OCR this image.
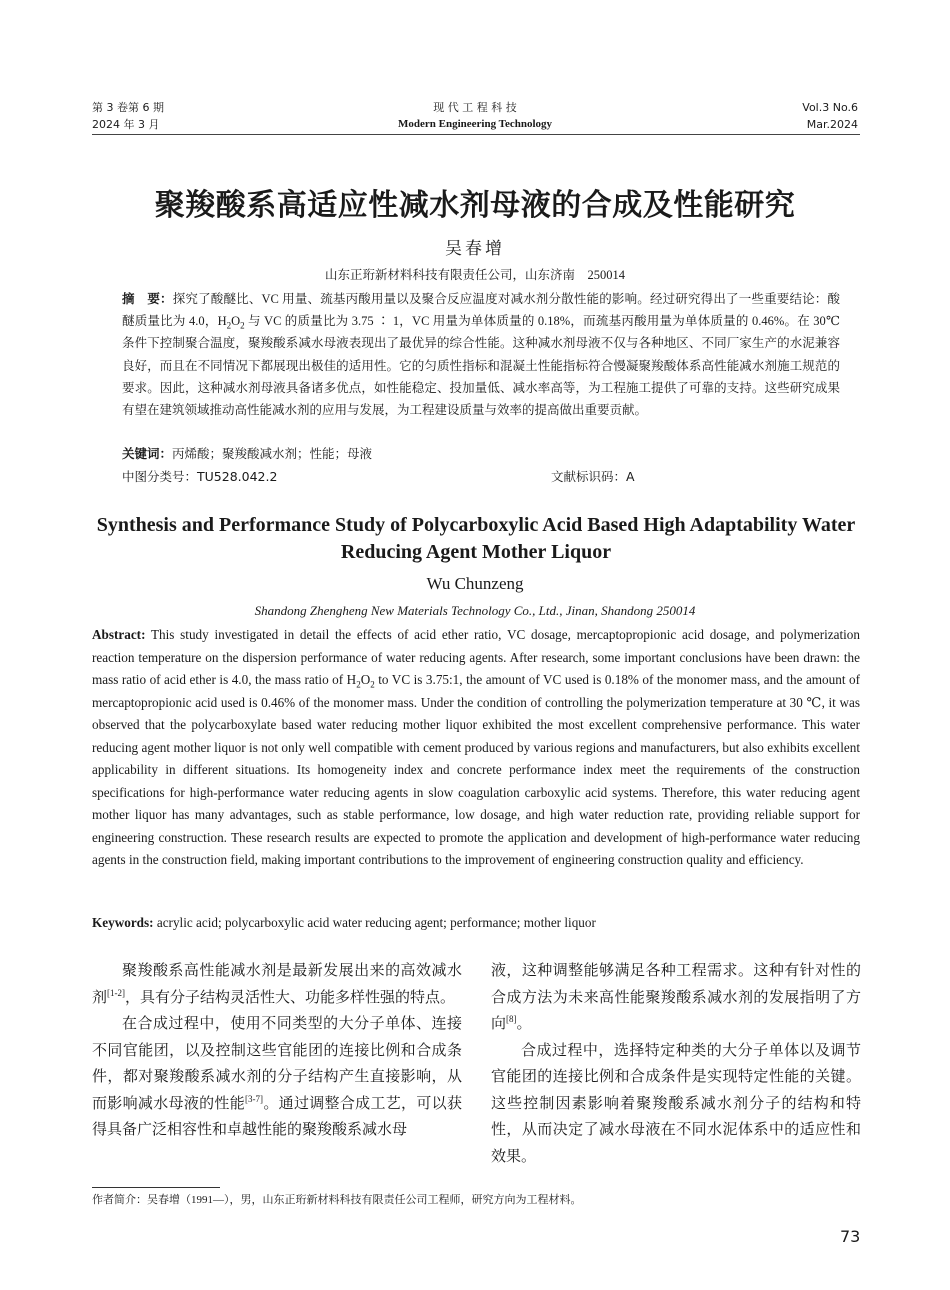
第 3 卷第 6 期
2024 年 3 月
现 代 工 程 科 技
Modern Engineering Technology
Vol.3 No.6
Mar.2024
聚羧酸系高适应性减水剂母液的合成及性能研究
吴春增
山东正珩新材料科技有限责任公司，山东济南　250014
摘　要：探究了酸醚比、VC 用量、巯基丙酸用量以及聚合反应温度对减水剂分散性能的影响。经过研究得出了一些重要结论：酸醚质量比为 4.0，$H_2O_2$ 与 VC 的质量比为 3.75 ∶ 1，VC 用量为单体质量的 0.18%，而巯基丙酸用量为单体质量的 0.46%。在 30℃ 条件下控制聚合温度，聚羧酸系减水母液表现出了最优异的综合性能。这种减水剂母液不仅与各种地区、不同厂家生产的水泥兼容良好，而且在不同情况下都展现出极佳的适用性。它的匀质性指标和混凝土性能指标符合慢凝聚羧酸体系高性能减水剂施工规范的要求。因此，这种减水剂母液具备诸多优点，如性能稳定、投加量低、减水率高等，为工程施工提供了可靠的支持。这些研究成果有望在建筑领域推动高性能减水剂的应用与发展，为工程建设质量与效率的提高做出重要贡献。
关键词：丙烯酸；聚羧酸减水剂；性能；母液
中图分类号：TU528.042.2	文献标识码：A
Synthesis and Performance Study of Polycarboxylic Acid Based High Adaptability Water Reducing Agent Mother Liquor
Wu Chunzeng
Shandong Zhengheng New Materials Technology Co., Ltd., Jinan, Shandong 250014
Abstract: This study investigated in detail the effects of acid ether ratio, VC dosage, mercaptopropionic acid dosage, and polymerization reaction temperature on the dispersion performance of water reducing agents. After research, some important conclusions have been drawn: the mass ratio of acid ether is 4.0, the mass ratio of $H_2O_2$ to VC is 3.75:1, the amount of VC used is 0.18% of the monomer mass, and the amount of mercaptopropionic acid used is 0.46% of the monomer mass. Under the condition of controlling the polymerization temperature at 30 ℃, it was observed that the polycarboxylate based water reducing mother liquor exhibited the most excellent comprehensive performance. This water reducing agent mother liquor is not only well compatible with cement produced by various regions and manufacturers, but also exhibits excellent applicability in different situations. Its homogeneity index and concrete performance index meet the requirements of the construction specifications for high-performance water reducing agents in slow coagulation carboxylic acid systems. Therefore, this water reducing agent mother liquor has many advantages, such as stable performance, low dosage, and high water reduction rate, providing reliable support for engineering construction. These research results are expected to promote the application and development of high-performance water reducing agents in the construction field, making important contributions to the improvement of engineering construction quality and efficiency.
Keywords: acrylic acid; polycarboxylic acid water reducing agent; performance; mother liquor

聚羧酸系高性能减水剂是最新发展出来的高效减水剂[1-2]，具有分子结构灵活性大、功能多样性强的特点。

在合成过程中，使用不同类型的大分子单体、连接不同官能团，以及控制这些官能团的连接比例和合成条件，都对聚羧酸系减水剂的分子结构产生直接影响，从而影响减水母液的性能[3-7]。通过调整合成工艺，可以获得具备广泛相容性和卓越性能的聚羧酸系减水母

液，这种调整能够满足各种工程需求。这种有针对性的合成方法为未来高性能聚羧酸系减水剂的发展指明了方向[8]。

合成过程中，选择特定种类的大分子单体以及调节官能团的连接比例和合成条件是实现特定性能的关键。这些控制因素影响着聚羧酸系减水剂分子的结构和特性，从而决定了减水母液在不同水泥体系中的适应性和效果。

作者简介：吴春增（1991—），男，山东正珩新材料科技有限责任公司工程师，研究方向为工程材料。
73
